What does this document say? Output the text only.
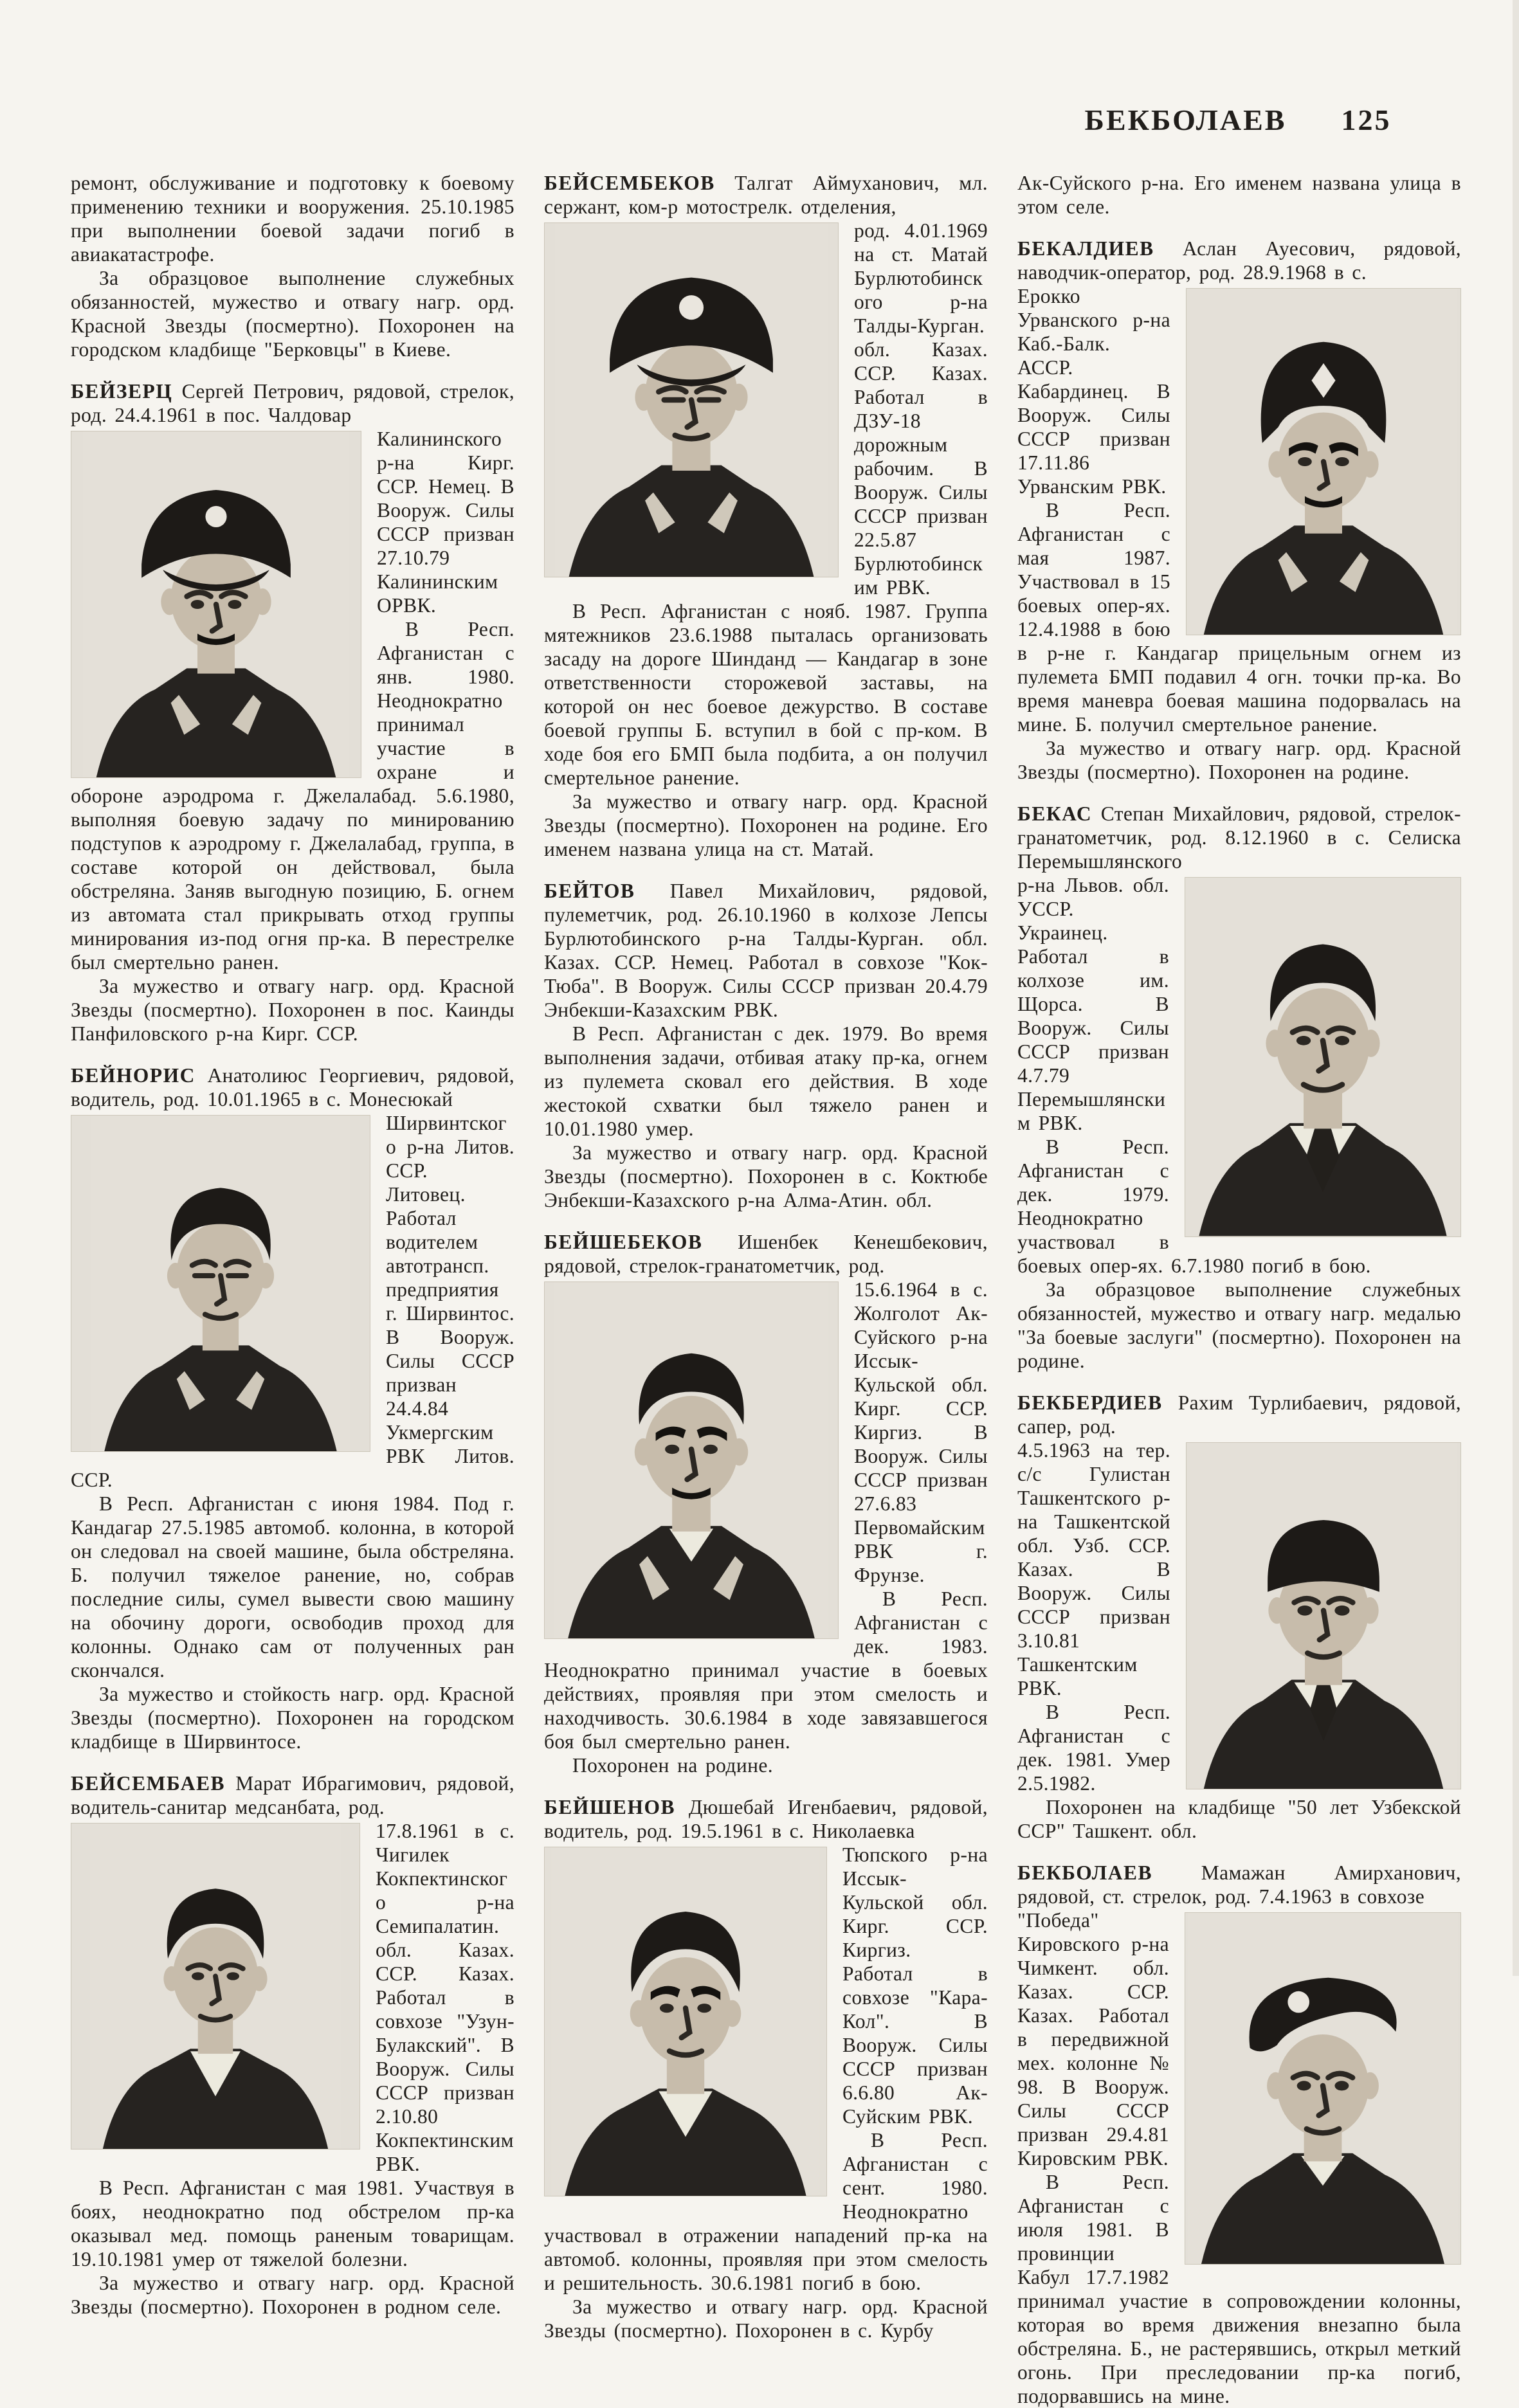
БЕКБОЛАЕВ 125

ремонт, обслуживание и подготовку к боевому применению техники и вооружения. 25.10.1985 при выполнении боевой задачи погиб в авиакатастрофе.

За образцовое выполнение служебных обязанностей, мужество и отвагу нагр. орд. Красной Звезды (посмертно). Похоронен на городском кладбище "Берковцы" в Киеве.

БЕЙЗЕРЦ Сергей Петрович, рядовой, стрелок, род. 24.4.1961 в пос. Чалдовар

Калининского р-на Кирг. ССР. Немец. В Вооруж. Силы СССР призван 27.10.79 Калининским ОРВК.

В Респ. Афганистан с янв. 1980. Неоднократно принимал участие в охране и обороне аэродрома г. Джелалабад. 5.6.1980, выполняя боевую задачу по минированию подступов к аэродрому г. Джелалабад, группа, в составе которой он действовал, была обстреляна. Заняв выгодную позицию, Б. огнем из автомата стал прикрывать отход группы минирования из-под огня пр-ка. В перестрелке был смертельно ранен.

За мужество и отвагу нагр. орд. Красной Звезды (посмертно). Похоронен в пос. Каинды Панфиловского р-на Кирг. ССР.

БЕЙНОРИС Анатолиюс Георгиевич, рядовой, водитель, род. 10.01.1965 в с. Монесюкай

Ширвинтского р-на Литов. ССР. Литовец. Работал водителем автотрансп. предприятия г. Ширвинтос. В Вооруж. Силы СССР призван 24.4.84 Укмергским РВК Литов. ССР.

В Респ. Афганистан с июня 1984. Под г. Кандагар 27.5.1985 автомоб. колонна, в которой он следовал на своей машине, была обстреляна. Б. получил тяжелое ранение, но, собрав последние силы, сумел вывести свою машину на обочину дороги, освободив проход для колонны. Однако сам от полученных ран скончался.

За мужество и стойкость нагр. орд. Красной Звезды (посмертно). Похоронен на городском кладбище в Ширвинтосе.

БЕЙСЕМБАЕВ Марат Ибрагимович, рядовой, водитель-санитар медсанбата, род.

17.8.1961 в с. Чигилек Кокпектинского р-на Семипалатин. обл. Казах. ССР. Казах. Работал в совхозе "Узун-Булакский". В Вооруж. Силы СССР призван 2.10.80 Кокпектинским РВК.

В Респ. Афганистан с мая 1981. Участвуя в боях, неоднократно под обстрелом пр-ка оказывал мед. помощь раненым товарищам. 19.10.1981 умер от тяжелой болезни.

За мужество и отвагу нагр. орд. Красной Звезды (посмертно). Похоронен в родном селе.

БЕЙСЕМБЕКОВ Талгат Аймуханович, мл. сержант, ком-р мотострелк. отделения,

род. 4.01.1969 на ст. Матай Бурлютобинского р-на Талды-Курган. обл. Казах. ССР. Казах. Работал в ДЗУ-18 дорожным рабочим. В Вооруж. Силы СССР призван 22.5.87 Бурлютобинским РВК.

В Респ. Афганистан с нояб. 1987. Группа мятежников 23.6.1988 пыталась организовать засаду на дороге Шинданд — Кандагар в зоне ответственности сторожевой заставы, на которой он нес боевое дежурство. В составе боевой группы Б. вступил в бой с пр-ком. В ходе боя его БМП была подбита, а он получил смертельное ранение.

За мужество и отвагу нагр. орд. Красной Звезды (посмертно). Похоронен на родине. Его именем названа улица на ст. Матай.

БЕЙТОВ Павел Михайлович, рядовой, пулеметчик, род. 26.10.1960 в колхозе Лепсы Бурлютобинского р-на Талды-Курган. обл. Казах. ССР. Немец. Работал в совхозе "Кок-Тюба". В Вооруж. Силы СССР призван 20.4.79 Энбекши-Казахским РВК.

В Респ. Афганистан с дек. 1979. Во время выполнения задачи, отбивая атаку пр-ка, огнем из пулемета сковал его действия. В ходе жестокой схватки был тяжело ранен и 10.01.1980 умер.

За мужество и отвагу нагр. орд. Красной Звезды (посмертно). Похоронен в с. Коктюбе Энбекши-Казахского р-на Алма-Атин. обл.

БЕЙШЕБЕКОВ Ишенбек Кенешбекович, рядовой, стрелок-гранатометчик, род.

15.6.1964 в с. Жолголот Ак-Суйского р-на Иссык-Кульской обл. Кирг. ССР. Киргиз. В Вооруж. Силы СССР призван 27.6.83 Первомайским РВК г. Фрунзе.

В Респ. Афганистан с дек. 1983. Неоднократно принимал участие в боевых действиях, проявляя при этом смелость и находчивость. 30.6.1984 в ходе завязавшегося боя был смертельно ранен.

Похоронен на родине.

БЕЙШЕНОВ Дюшебай Игенбаевич, рядовой, водитель, род. 19.5.1961 в с. Николаевка

Тюпского р-на Иссык-Кульской обл. Кирг. ССР. Киргиз. Работал в совхозе "Кара-Кол". В Вооруж. Силы СССР призван 6.6.80 Ак-Суйским РВК.

В Респ. Афганистан с сент. 1980. Неоднократно участвовал в отражении нападений пр-ка на автомоб. колонны, проявляя при этом смелость и решительность. 30.6.1981 погиб в бою.

За мужество и отвагу нагр. орд. Красной Звезды (посмертно). Похоронен в с. Курбу

Ак-Суйского р-на. Его именем названа улица в этом селе.

БЕКАЛДИЕВ Аслан Ауесович, рядовой, наводчик-оператор, род. 28.9.1968 в с.

Ерокко Урванского р-на Каб.-Балк. АССР. Кабардинец. В Вооруж. Силы СССР призван 17.11.86 Урванским РВК.

В Респ. Афганистан с мая 1987. Участвовал в 15 боевых опер-ях. 12.4.1988 в бою в р-не г. Кандагар прицельным огнем из пулемета БМП подавил 4 огн. точки пр-ка. Во время маневра боевая машина подорвалась на мине. Б. получил смертельное ранение.

За мужество и отвагу нагр. орд. Красной Звезды (посмертно). Похоронен на родине.

БЕКАС Степан Михайлович, рядовой, стрелок-гранатометчик, род. 8.12.1960 в с. Селиска Перемышлянского

р-на Львов. обл. УССР. Украинец. Работал в колхозе им. Щорса. В Вооруж. Силы СССР призван 4.7.79 Перемышлянским РВК.

В Респ. Афганистан с дек. 1979. Неоднократно участвовал в боевых опер-ях. 6.7.1980 погиб в бою.

За образцовое выполнение служебных обязанностей, мужество и отвагу нагр. медалью "За боевые заслуги" (посмертно). Похоронен на родине.

БЕКБЕРДИЕВ Рахим Турлибаевич, рядовой, сапер, род.

4.5.1963 на тер. с/с Гулистан Ташкентского р-на Ташкентской обл. Узб. ССР. Казах. В Вооруж. Силы СССР призван 3.10.81 Ташкентским РВК.

В Респ. Афганистан с дек. 1981. Умер 2.5.1982.

Похоронен на кладбище "50 лет Узбекской ССР" Ташкент. обл.

БЕКБОЛАЕВ Мамажан Амирханович, рядовой, ст. стрелок, род. 7.4.1963 в совхозе

"Победа" Кировского р-на Чимкент. обл. Казах. ССР. Казах. Работал в передвижной мех. колонне № 98. В Вооруж. Силы СССР призван 29.4.81 Кировским РВК.

В Респ. Афганистан с июля 1981. В провинции Кабул 17.7.1982 принимал участие в сопровождении колонны, которая во время движения внезапно была обстреляна. Б., не растерявшись, открыл меткий огонь. При преследовании пр-ка погиб, подорвавшись на мине.
